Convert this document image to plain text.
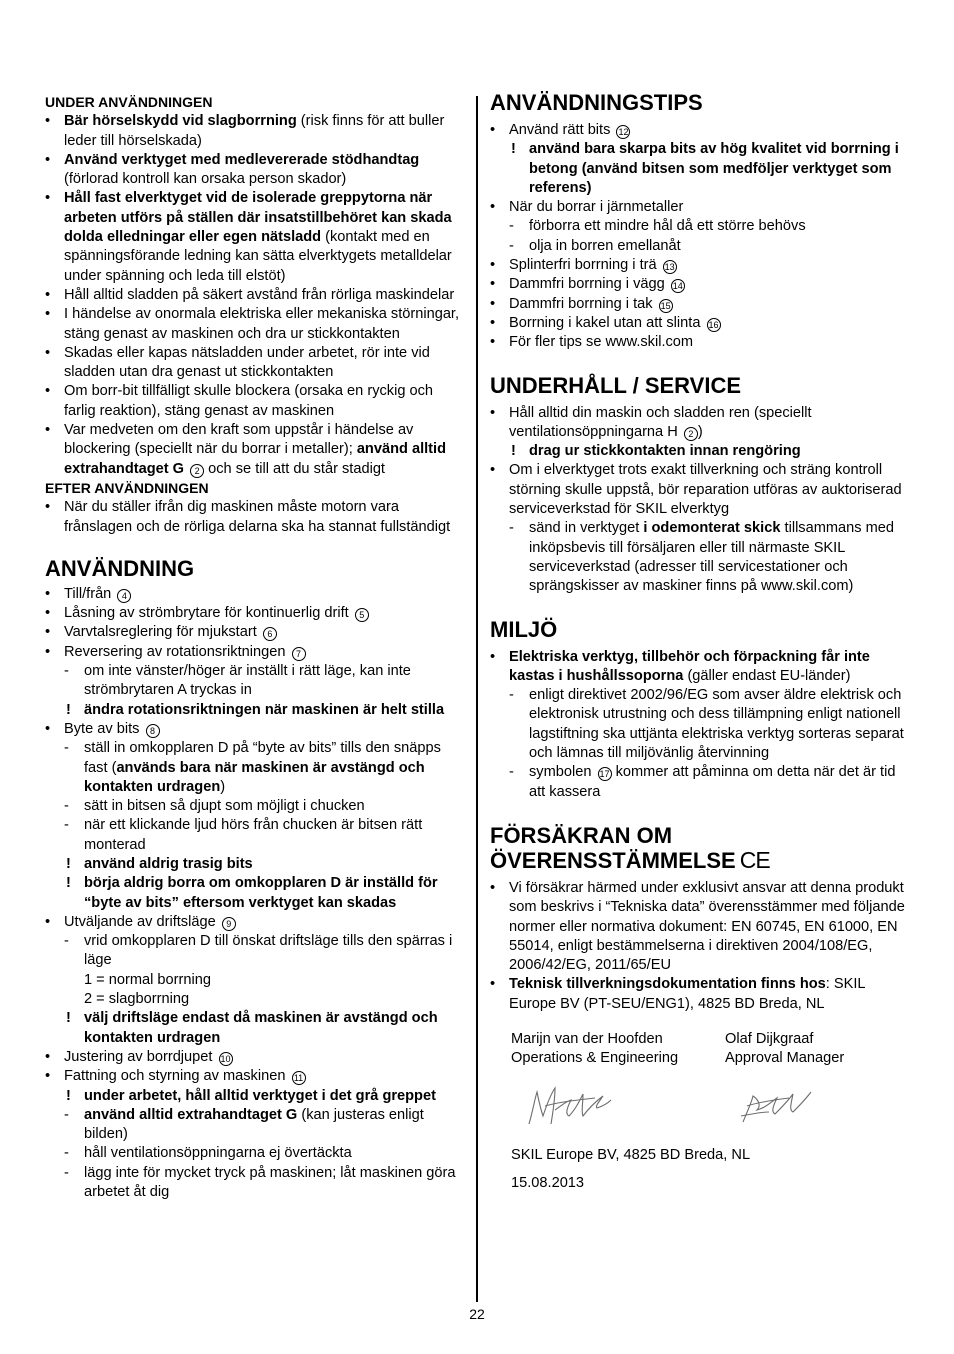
UNDER ANVÄNDNINGEN
• Bär hörselskydd vid slagborrning (risk finns för att buller leder till hörselskada)
• Använd verktyget med medlevererade stödhandtag (förlorad kontroll kan orsaka person skador)
• Håll fast elverktyget vid de isolerade greppytorna när arbeten utförs på ställen där insatstillbehöret kan skada dolda elledningar eller egen nätsladd (kontakt med en spänningsförande ledning kan sätta elverktygets metalldelar under spänning och leda till elstöt)
• Håll alltid sladden på säkert avstånd från rörliga maskindelar
• I händelse av onormala elektriska eller mekaniska störningar, stäng genast av maskinen och dra ur stickkontakten
• Skadas eller kapas nätsladden under arbetet, rör inte vid sladden utan dra genast ut stickkontakten
• Om borr-bit tillfälligt skulle blockera (orsaka en ryckig och farlig reaktion), stäng genast av maskinen
• Var medveten om den kraft som uppstår i händelse av blockering (speciellt när du borrar i metaller); använd alltid extrahandtaget G 2 och se till att du står stadigt
EFTER ANVÄNDNINGEN
• När du ställer ifrån dig maskinen måste motorn vara frånslagen och de rörliga delarna ska ha stannat fullständigt
ANVÄNDNING
• Till/från 4
• Låsning av strömbrytare för kontinuerlig drift 5
• Varvtalsreglering för mjukstart 6
• Reversering av rotationsriktningen 7
- om inte vänster/höger är inställt i rätt läge, kan inte strömbrytaren A tryckas in
! ändra rotationsriktningen när maskinen är helt stilla
• Byte av bits 8
- ställ in omkopplaren D på “byte av bits” tills den snäpps fast (används bara när maskinen är avstängd och kontakten urdragen)
- sätt in bitsen så djupt som möjligt i chucken
- när ett klickande ljud hörs från chucken är bitsen rätt monterad
! använd aldrig trasig bits
! börja aldrig borra om omkopplaren D är inställd för “byte av bits” eftersom verktyget kan skadas
• Utväljande av driftsläge 9
- vrid omkopplaren D till önskat driftsläge tills den spärras i läge
1 = normal borrning
2 = slagborrning
! välj driftsläge endast då maskinen är avstängd och kontakten urdragen
• Justering av borrdjupet 10
• Fattning och styrning av maskinen 11
! under arbetet, håll alltid verktyget i det grå greppet
- använd alltid extrahandtaget G (kan justeras enligt bilden)
- håll ventilationsöppningarna ej övertäckta
- lägg inte för mycket tryck på maskinen; låt maskinen göra arbetet åt dig
ANVÄNDNINGSTIPS
• Använd rätt bits 12
! använd bara skarpa bits av hög kvalitet vid borrning i betong (använd bitsen som medföljer verktyget som referens)
• När du borrar i järnmetaller
- förborra ett mindre hål då ett större behövs
- olja in borren emellanåt
• Splinterfri borrning i trä 13
• Dammfri borrning i vägg 14
• Dammfri borrning i tak 15
• Borrning i kakel utan att slinta 16
• För fler tips se www.skil.com
UNDERHÅLL / SERVICE
• Håll alltid din maskin och sladden ren (speciellt ventilationsöppningarna H 2 )
! drag ur stickkontakten innan rengöring
• Om i elverktyget trots exakt tillverkning och sträng kontroll störning skulle uppstå, bör reparation utföras av auktoriserad serviceverkstad för SKIL elverktyg
- sänd in verktyget i odemonterat skick tillsammans med inköpsbevis till försäljaren eller till närmaste SKIL serviceverkstad (adresser till servicestationer och sprängskisser av maskiner finns på www.skil.com)
MILJÖ
• Elektriska verktyg, tillbehör och förpackning får inte kastas i hushållssoporna (gäller endast EU-länder)
- enligt direktivet 2002/96/EG som avser äldre elektrisk och elektronisk utrustning och dess tillämpning enligt nationell lagstiftning ska uttjänta elektriska verktyg sorteras separat och lämnas till miljövänlig återvinning
- symbolen 17 kommer att påminna om detta när det är tid att kassera
FÖRSÄKRAN OM
ÖVERENSSTÄMMELSE CE
• Vi försäkrar härmed under exklusivt ansvar att denna produkt som beskrivs i “Tekniska data” överensstämmer med följande normer eller normativa dokument: EN 60745, EN 61000, EN 55014, enligt bestämmelserna i direktiven 2004/108/EG, 2006/42/EG, 2011/65/EU
• Teknisk tillverkningsdokumentation finns hos: SKIL Europe BV (PT-SEU/ENG1), 4825 BD Breda, NL
Marijn van der Hoofden
Operations & Engineering
Olaf Dijkgraaf
Approval Manager
SKIL Europe BV, 4825 BD Breda, NL
15.08.2013
22
